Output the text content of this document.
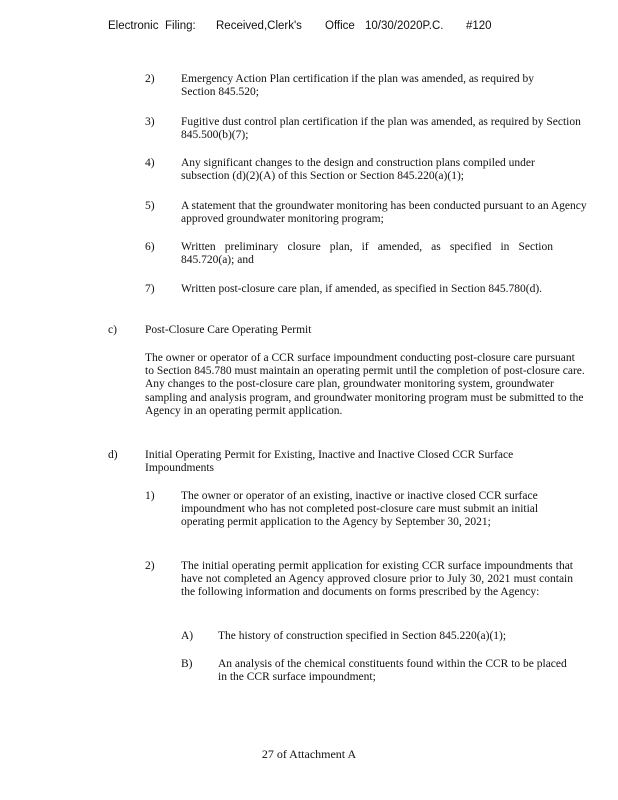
Electronic Filing: Received,Clerk's Office 10/30/2020P.C. #120
2) Emergency Action Plan certification if the plan was amended, as required by Section 845.520;
3) Fugitive dust control plan certification if the plan was amended, as required by Section 845.500(b)(7);
4) Any significant changes to the design and construction plans compiled under subsection (d)(2)(A) of this Section or Section 845.220(a)(1);
5) A statement that the groundwater monitoring has been conducted pursuant to an Agency approved groundwater monitoring program;
6) Written preliminary closure plan, if amended, as specified in Section 845.720(a); and
7) Written post-closure care plan, if amended, as specified in Section 845.780(d).
c) Post-Closure Care Operating Permit
The owner or operator of a CCR surface impoundment conducting post-closure care pursuant to Section 845.780 must maintain an operating permit until the completion of post-closure care. Any changes to the post-closure care plan, groundwater monitoring system, groundwater sampling and analysis program, and groundwater monitoring program must be submitted to the Agency in an operating permit application.
d) Initial Operating Permit for Existing, Inactive and Inactive Closed CCR Surface Impoundments
1) The owner or operator of an existing, inactive or inactive closed CCR surface impoundment who has not completed post-closure care must submit an initial operating permit application to the Agency by September 30, 2021;
2) The initial operating permit application for existing CCR surface impoundments that have not completed an Agency approved closure prior to July 30, 2021 must contain the following information and documents on forms prescribed by the Agency:
A) The history of construction specified in Section 845.220(a)(1);
B) An analysis of the chemical constituents found within the CCR to be placed in the CCR surface impoundment;
27 of Attachment A
